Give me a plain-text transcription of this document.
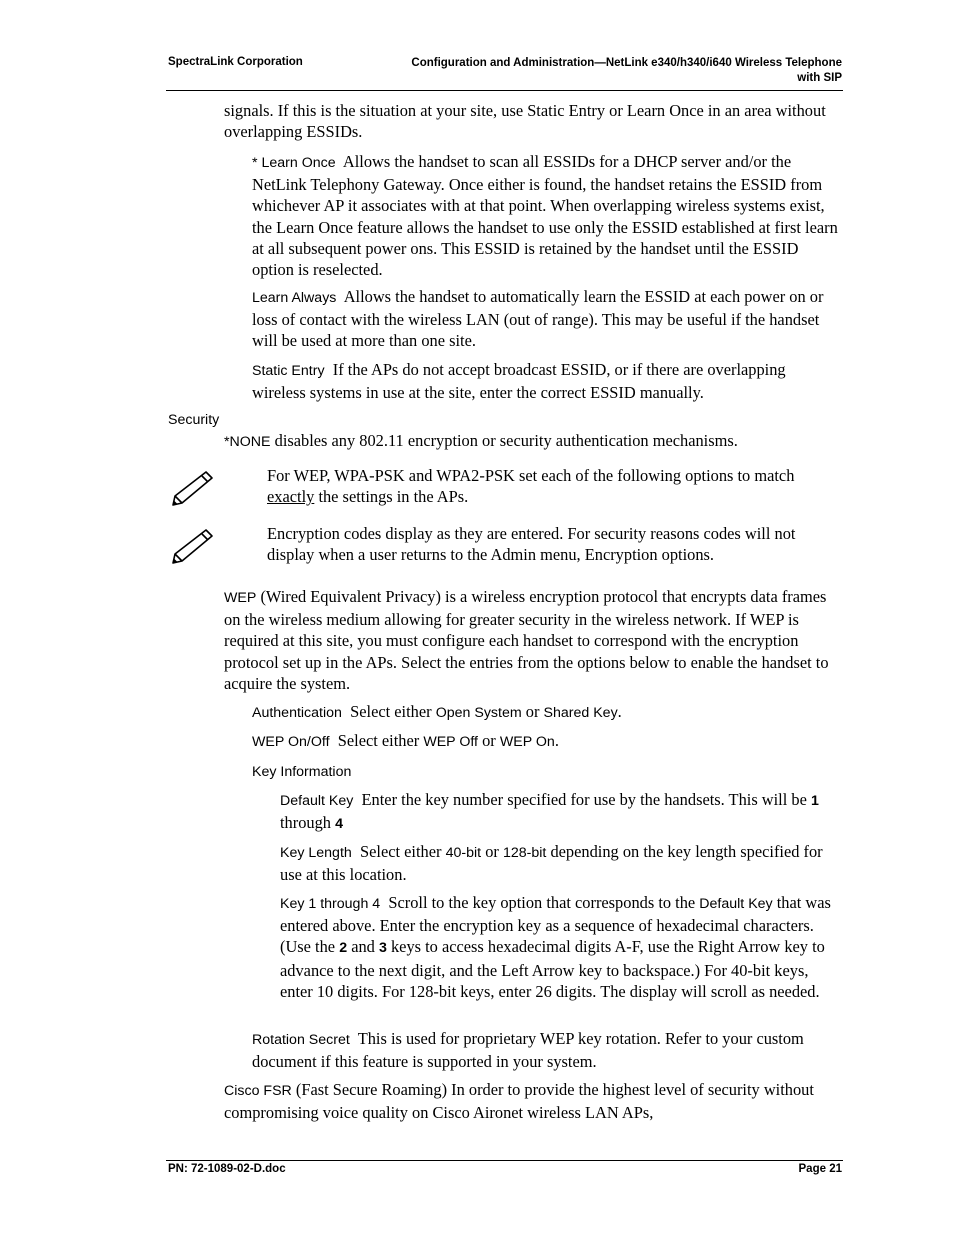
SpectraLink Corporation	Configuration and Administration—NetLink e340/h340/i640 Wireless Telephone
with SIP

signals. If this is the situation at your site, use Static Entry or Learn Once in an area without overlapping ESSIDs.

* Learn Once Allows the handset to scan all ESSIDs for a DHCP server and/or the NetLink Telephony Gateway. Once either is found, the handset retains the ESSID from whichever AP it associates with at that point. When overlapping wireless systems exist, the Learn Once feature allows the handset to use only the ESSID established at first learn at all subsequent power ons. This ESSID is retained by the handset until the ESSID option is reselected.

Learn Always Allows the handset to automatically learn the ESSID at each power on or loss of contact with the wireless LAN (out of range). This may be useful if the handset will be used at more than one site.

Static Entry If the APs do not accept broadcast ESSID, or if there are overlapping wireless systems in use at the site, enter the correct ESSID manually.

Security

*NONE disables any 802.11 encryption or security authentication mechanisms.

For WEP, WPA-PSK and WPA2-PSK set each of the following options to match exactly the settings in the APs.

Encryption codes display as they are entered. For security reasons codes will not display when a user returns to the Admin menu, Encryption options.

WEP (Wired Equivalent Privacy) is a wireless encryption protocol that encrypts data frames on the wireless medium allowing for greater security in the wireless network. If WEP is required at this site, you must configure each handset to correspond with the encryption protocol set up in the APs. Select the entries from the options below to enable the handset to acquire the system.

Authentication Select either Open System or Shared Key.

WEP On/Off Select either WEP Off or WEP On.

Key Information

Default Key Enter the key number specified for use by the handsets. This will be 1 through 4

Key Length Select either 40-bit or 128-bit depending on the key length specified for use at this location.

Key 1 through 4 Scroll to the key option that corresponds to the Default Key that was entered above. Enter the encryption key as a sequence of hexadecimal characters. (Use the 2 and 3 keys to access hexadecimal digits A-F, use the Right Arrow key to advance to the next digit, and the Left Arrow key to backspace.) For 40-bit keys, enter 10 digits. For 128-bit keys, enter 26 digits. The display will scroll as needed.

Rotation Secret This is used for proprietary WEP key rotation. Refer to your custom document if this feature is supported in your system.

Cisco FSR (Fast Secure Roaming) In order to provide the highest level of security without compromising voice quality on Cisco Aironet wireless LAN APs,

PN: 72-1089-02-D.doc	Page 21
